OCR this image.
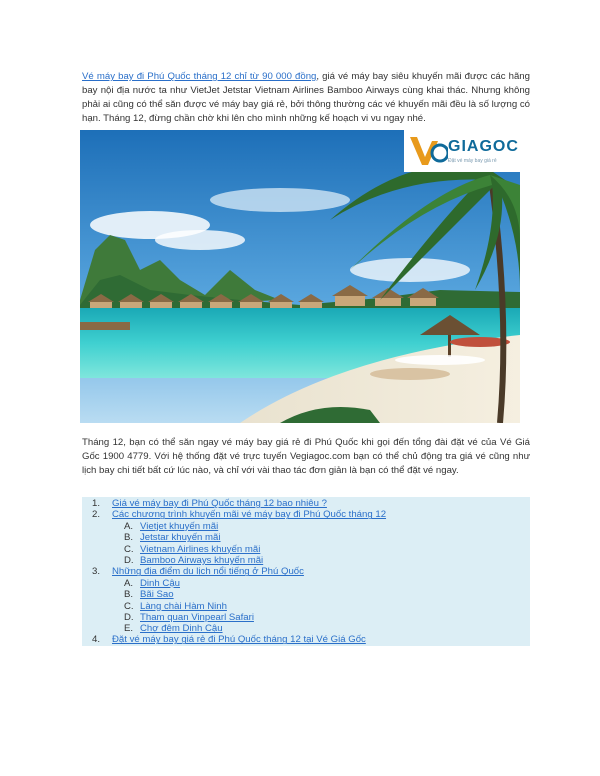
Vé máy bay đi Phú Quốc tháng 12 chỉ từ 90 000 đồng, giá vé máy bay siêu khuyến mãi được các hãng bay nội địa nước ta như VietJet Jetstar Vietnam Airlines Bamboo Airways cùng khai thác. Nhưng không phải ai cũng có thể săn được vé máy bay giá rẻ, bởi thông thường các vé khuyến mãi đều là số lượng có hạn. Tháng 12, đừng chần chờ khi lên cho mình những kế hoạch vi vu ngay nhé.

GIAGOC
Đặt vé máy bay giá rẻ

Tháng 12, bạn có thể săn ngay vé máy bay giá rẻ đi Phú Quốc khi gọi đến tổng đài đặt vé của Vé Giá Gốc 1900 4779. Với hệ thống đặt vé trực tuyến Vegiagoc.com bạn có thể chủ động tra giá vé cũng như lịch bay chi tiết bất cứ lúc nào, và chỉ với vài thao tác đơn giản là bạn có thể đặt vé ngay.

1. Giá vé máy bay đi Phú Quốc tháng 12 bao nhiêu ?
2. Các chương trình khuyến mãi vé máy bay đi Phú Quốc tháng 12
A. Vietjet khuyến mãi
B. Jetstar khuyến mãi
C. Vietnam Airlines khuyến mãi
D. Bamboo Airways khuyến mãi
3. Những địa điểm du lịch nổi tiếng ở Phú Quốc
A. Dinh Cậu
B. Bãi Sao
C. Làng chài Hàm Ninh
D. Tham quan Vinpearl Safari
E. Chợ đêm Dinh Cậu
4. Đặt vé máy bay giá rẻ đi Phú Quốc tháng 12 tại Vé Giá Gốc
